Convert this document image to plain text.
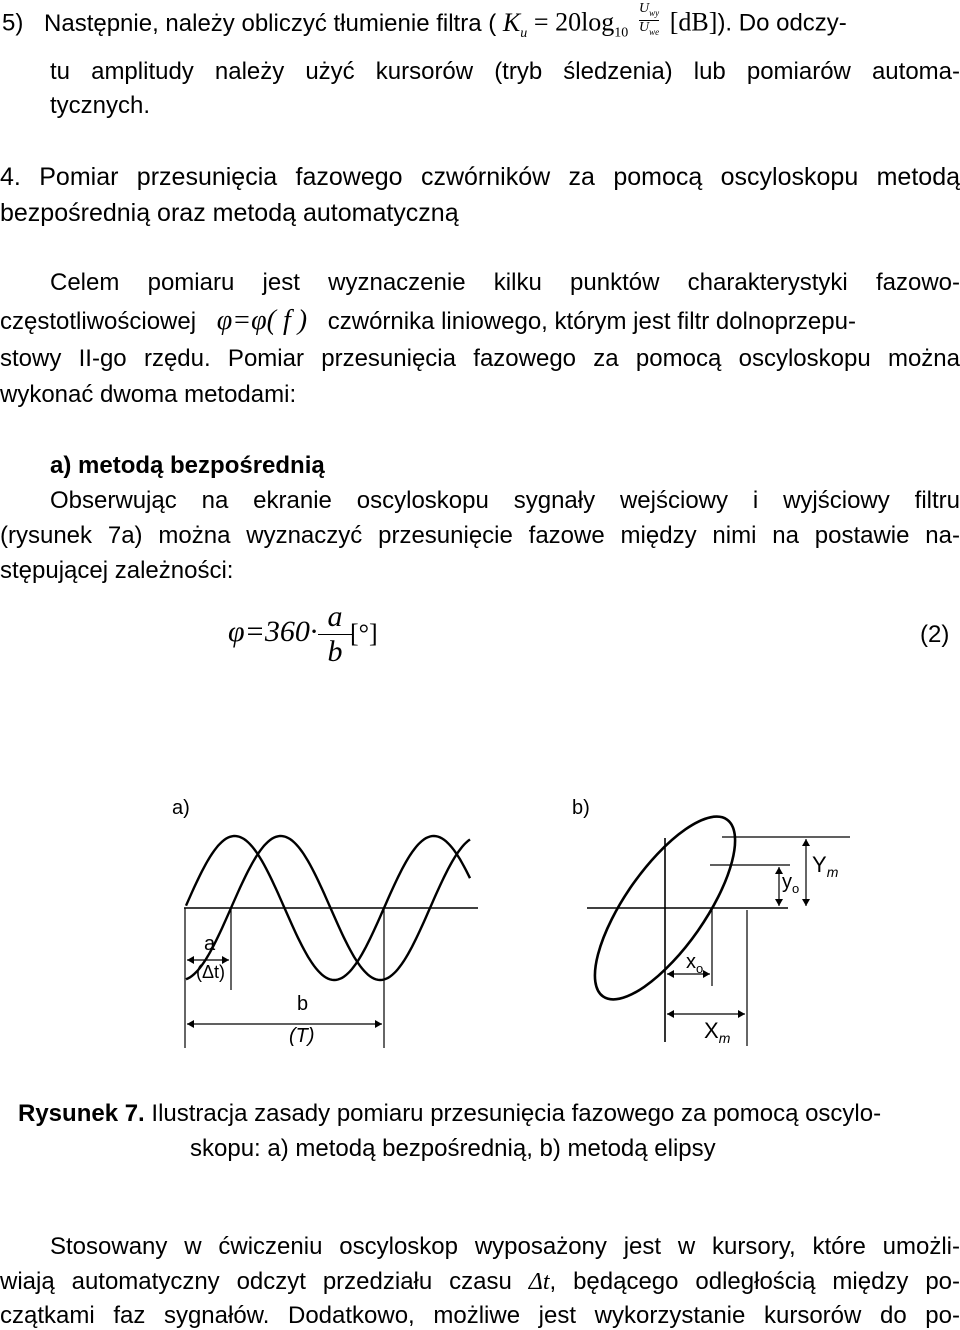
5) Następnie, należy obliczyć tłumienie filtra ( $K_u = 20\log_{10} \frac{U_{wy}}{U_{we}} [dB]$). Do odczy-
tu amplitudy należy użyć kursorów (tryb śledzenia) lub pomiarów automa-
tycznych.
4. Pomiar przesunięcia fazowego czwórników za pomocą oscyloskopu metodą
bezpośrednią oraz metodą automatyczną
Celem pomiaru jest wyznaczenie kilku punktów charakterystyki fazowo-
częstotliwościowej φ=φ( f ) czwórnika liniowego, którym jest filtr dolnoprzepu-
stowy II-go rzędu. Pomiar przesunięcia fazowego za pomocą oscyloskopu można
wykonać dwoma metodami:
a) metodą bezpośrednią
Obserwując na ekranie oscyloskopu sygnały wejściowy i wyjściowy filtru
(rysunek 7a) można wyznaczyć przesunięcie fazowe między nimi na postawie na-
stępującej zależności:
$\varphi=360\cdot \frac{a}{b}$
[°]	(2)
a)
a
(Δt)
b
(T)
b)
$y_o$
$Y_m$
$x_o$
$X_m$
Rysunek 7. Ilustracja zasady pomiaru przesunięcia fazowego za pomocą oscylo-
skopu: a) metodą bezpośrednią, b) metodą elipsy
Stosowany w ćwiczeniu oscyloskop wyposażony jest w kursory, które umożli-
wiają automatyczny odczyt przedziału czasu Δt, będącego odległością między po-
czątkami faz sygnałów. Dodatkowo, możliwe jest wykorzystanie kursorów do po-
